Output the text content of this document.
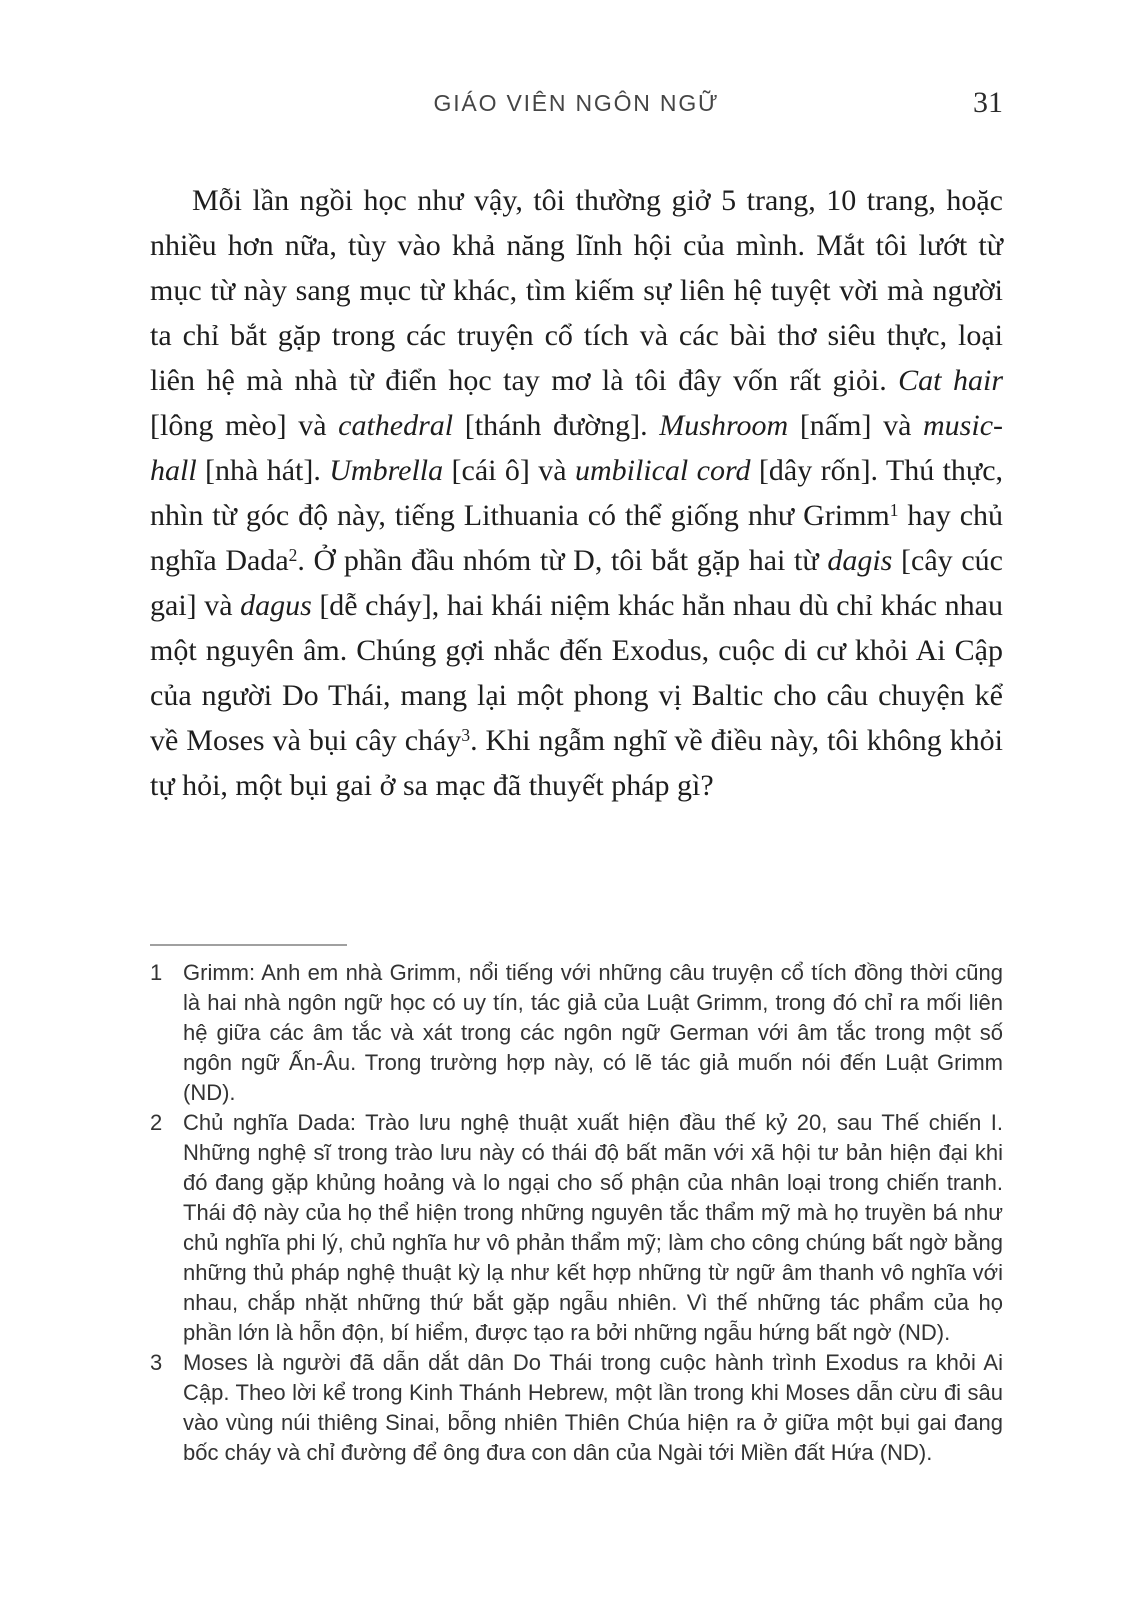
GIÁO VIÊN NGÔN NGỮ	31
Mỗi lần ngồi học như vậy, tôi thường giở 5 trang, 10 trang, hoặc nhiều hơn nữa, tùy vào khả năng lĩnh hội của mình. Mắt tôi lướt từ mục từ này sang mục từ khác, tìm kiếm sự liên hệ tuyệt vời mà người ta chỉ bắt gặp trong các truyện cổ tích và các bài thơ siêu thực, loại liên hệ mà nhà từ điển học tay mơ là tôi đây vốn rất giỏi. Cat hair [lông mèo] và cathedral [thánh đường]. Mushroom [nấm] và music-hall [nhà hát]. Umbrella [cái ô] và umbilical cord [dây rốn]. Thú thực, nhìn từ góc độ này, tiếng Lithuania có thể giống như Grimm$^1$ hay chủ nghĩa Dada$^2$. Ở phần đầu nhóm từ D, tôi bắt gặp hai từ dagis [cây cúc gai] và dagus [dễ cháy], hai khái niệm khác hẳn nhau dù chỉ khác nhau một nguyên âm. Chúng gợi nhắc đến Exodus, cuộc di cư khỏi Ai Cập của người Do Thái, mang lại một phong vị Baltic cho câu chuyện kể về Moses và bụi cây cháy$^3$. Khi ngẫm nghĩ về điều này, tôi không khỏi tự hỏi, một bụi gai ở sa mạc đã thuyết pháp gì?
1 Grimm: Anh em nhà Grimm, nổi tiếng với những câu truyện cổ tích đồng thời cũng là hai nhà ngôn ngữ học có uy tín, tác giả của Luật Grimm, trong đó chỉ ra mối liên hệ giữa các âm tắc và xát trong các ngôn ngữ German với âm tắc trong một số ngôn ngữ Ấn-Âu. Trong trường hợp này, có lẽ tác giả muốn nói đến Luật Grimm (ND).
2 Chủ nghĩa Dada: Trào lưu nghệ thuật xuất hiện đầu thế kỷ 20, sau Thế chiến I. Những nghệ sĩ trong trào lưu này có thái độ bất mãn với xã hội tư bản hiện đại khi đó đang gặp khủng hoảng và lo ngại cho số phận của nhân loại trong chiến tranh. Thái độ này của họ thể hiện trong những nguyên tắc thẩm mỹ mà họ truyền bá như chủ nghĩa phi lý, chủ nghĩa hư vô phản thẩm mỹ; làm cho công chúng bất ngờ bằng những thủ pháp nghệ thuật kỳ lạ như kết hợp những từ ngữ âm thanh vô nghĩa với nhau, chắp nhặt những thứ bắt gặp ngẫu nhiên. Vì thế những tác phẩm của họ phần lớn là hỗn độn, bí hiểm, được tạo ra bởi những ngẫu hứng bất ngờ (ND).
3 Moses là người đã dẫn dắt dân Do Thái trong cuộc hành trình Exodus ra khỏi Ai Cập. Theo lời kể trong Kinh Thánh Hebrew, một lần trong khi Moses dẫn cừu đi sâu vào vùng núi thiêng Sinai, bỗng nhiên Thiên Chúa hiện ra ở giữa một bụi gai đang bốc cháy và chỉ đường để ông đưa con dân của Ngài tới Miền đất Hứa (ND).
